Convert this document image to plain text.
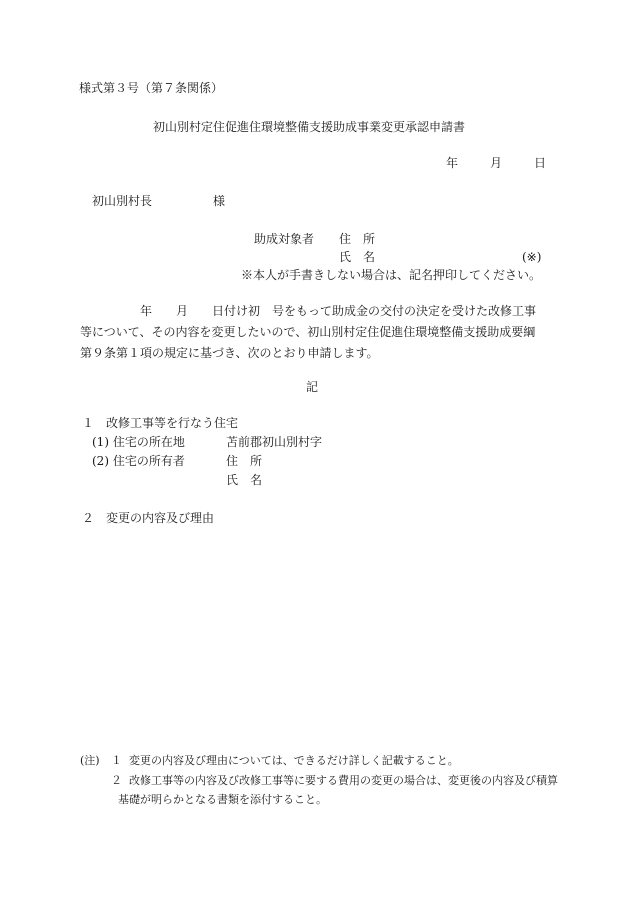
様式第３号（第７条関係）
初山別村定住促進住環境整備支援助成事業変更承認申請書
年	月	日
初山別村長	様
助成対象者 住　所
氏　名	(※)
※本人が手書きしない場合は、記名押印してください。
　　　　　年　　月　　日付け初　号をもって助成金の交付の決定を受けた改修工事
等について、その内容を変更したいので、初山別村定住促進住環境整備支援助成要綱
第９条第１項の規定に基づき、次のとおり申請します。
記
１　改修工事等を行なう住宅
(1) 住宅の所在地	苫前郡初山別村字
(2) 住宅の所有者	住　所
氏　名
２　変更の内容及び理由
(注) １ 変更の内容及び理由については、できるだけ詳しく記載すること。
２ 改修工事等の内容及び改修工事等に要する費用の変更の場合は、変更後の内容及び積算
基礎が明らかとなる書類を添付すること。
